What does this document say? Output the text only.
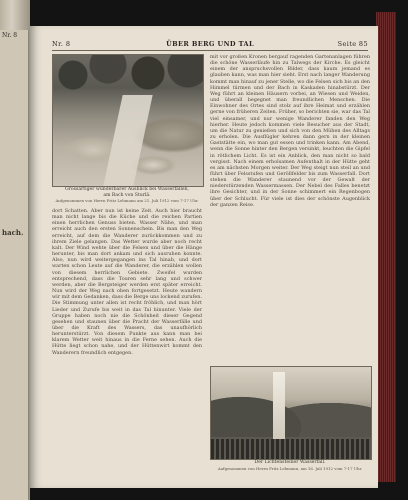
Nr. 8
hach.
Nr. 8	ÜBER BERG UND TAL	Seite 85
Grossartiger wunderbarer Ausblick bei Wasserfällen,
am Bach von Sturlä.
Aufgenommen von Herrn Fritz Lehmann am 21. Juli 1912 vom 7-17 Uhr.

dort Schatten. Aber nun ist keine Zeit. Auch hier braucht man nicht lange bis die Küche und die reichen Partien einen herrlichen Genuss bieten. Wasser Nähe, und man erreicht auch den ersten Sonnenschein. Bis man den Weg erreicht, auf dem die Wanderer zurückkommen und zu ihrem Ziele gelangen. Das Wetter wurde aber noch recht kalt. Der Wind wehte über die Felsen und über die Hänge herunter, bis man dort ankam und sich ausruhen konnte. Also, nun wird weitergegangen ins Tal hinab, und dort warten schon Leute auf die Wanderer, die erzählen wollen von diesem herrlichen Gebiete. Zweifel wurden entsprechend, dass die Touren sehr lang und schwer werden, aber die Bergsteiger werden erst später erreicht. Nun wird der Weg nach oben fortgesetzt. Heute wandern wir mit dem Gedanken, dass die Berge uns lockend zurufen. Die Stimmung unter allen ist recht fröhlich, und man hört Lieder und Zurufe bis weit in das Tal hinunter. Viele der Gruppe haben noch nie die Schönheit dieser Gegend gesehen und staunen über die Pracht der Wasserfälle und über die Kraft des Wassers, das unaufhörlich herunterstürzt. Von diesem Punkte aus kann man bei klarem Wetter weit hinaus in die Ferne sehen. Auch die Hütte liegt schon nahe, und der Hüttenwirt kommt den Wanderern freundlich entgegen.

mit vor großen Kronen bergauf ragenden Gartenanlagen führen die schöne Wasserläufe hin zu Talwegs der Kirche. Es gleicht einem der anspruchsvollen Bilder, dass kaum jemand es glauben kann, was man hier sieht. Erst nach langer Wanderung kommt man hinauf zu jener Stelle, wo die Felsen sich bis an den Himmel türmen und der Bach in Kaskaden hinabstürzt. Der Weg führt an kleinen Häusern vorbei, an Wiesen und Weiden, und überall begegnet man freundlichen Menschen. Die Einwohner des Ortes sind stolz auf ihre Heimat und erzählen gerne von früheren Zeiten. Früher, so berichten sie, war das Tal viel einsamer, und nur wenige Wanderer fanden den Weg hierher. Heute jedoch kommen viele Besucher aus der Stadt, um die Natur zu genießen und sich von den Mühen des Alltags zu erholen. Die Ausflügler kehren dann gern in der kleinen Gaststätte ein, wo man gut essen und trinken kann. Am Abend, wenn die Sonne hinter den Bergen versinkt, leuchten die Gipfel in rötlichem Licht. Es ist ein Anblick, den man nicht so bald vergisst. Nach einem erholsamen Aufenthalt in der Hütte geht es am nächsten Morgen weiter. Der Weg steigt nun steil an und führt über Felsstufen und Geröllfelder bis zum Wasserfall. Dort stehen die Wanderer staunend vor der Gewalt der niederstürzenden Wassermassen. Der Nebel des Falles benetzt ihre Gesichter, und in der Sonne schimmert ein Regenbogen über der Schlucht. Für viele ist dies der schönste Augenblick der ganzen Reise.

Der Lichtensteiner Wasserfall.
Aufgenommen von Herrn Fritz Lehmann, am 16. Juli 1912 vom 7-17 Uhr.
